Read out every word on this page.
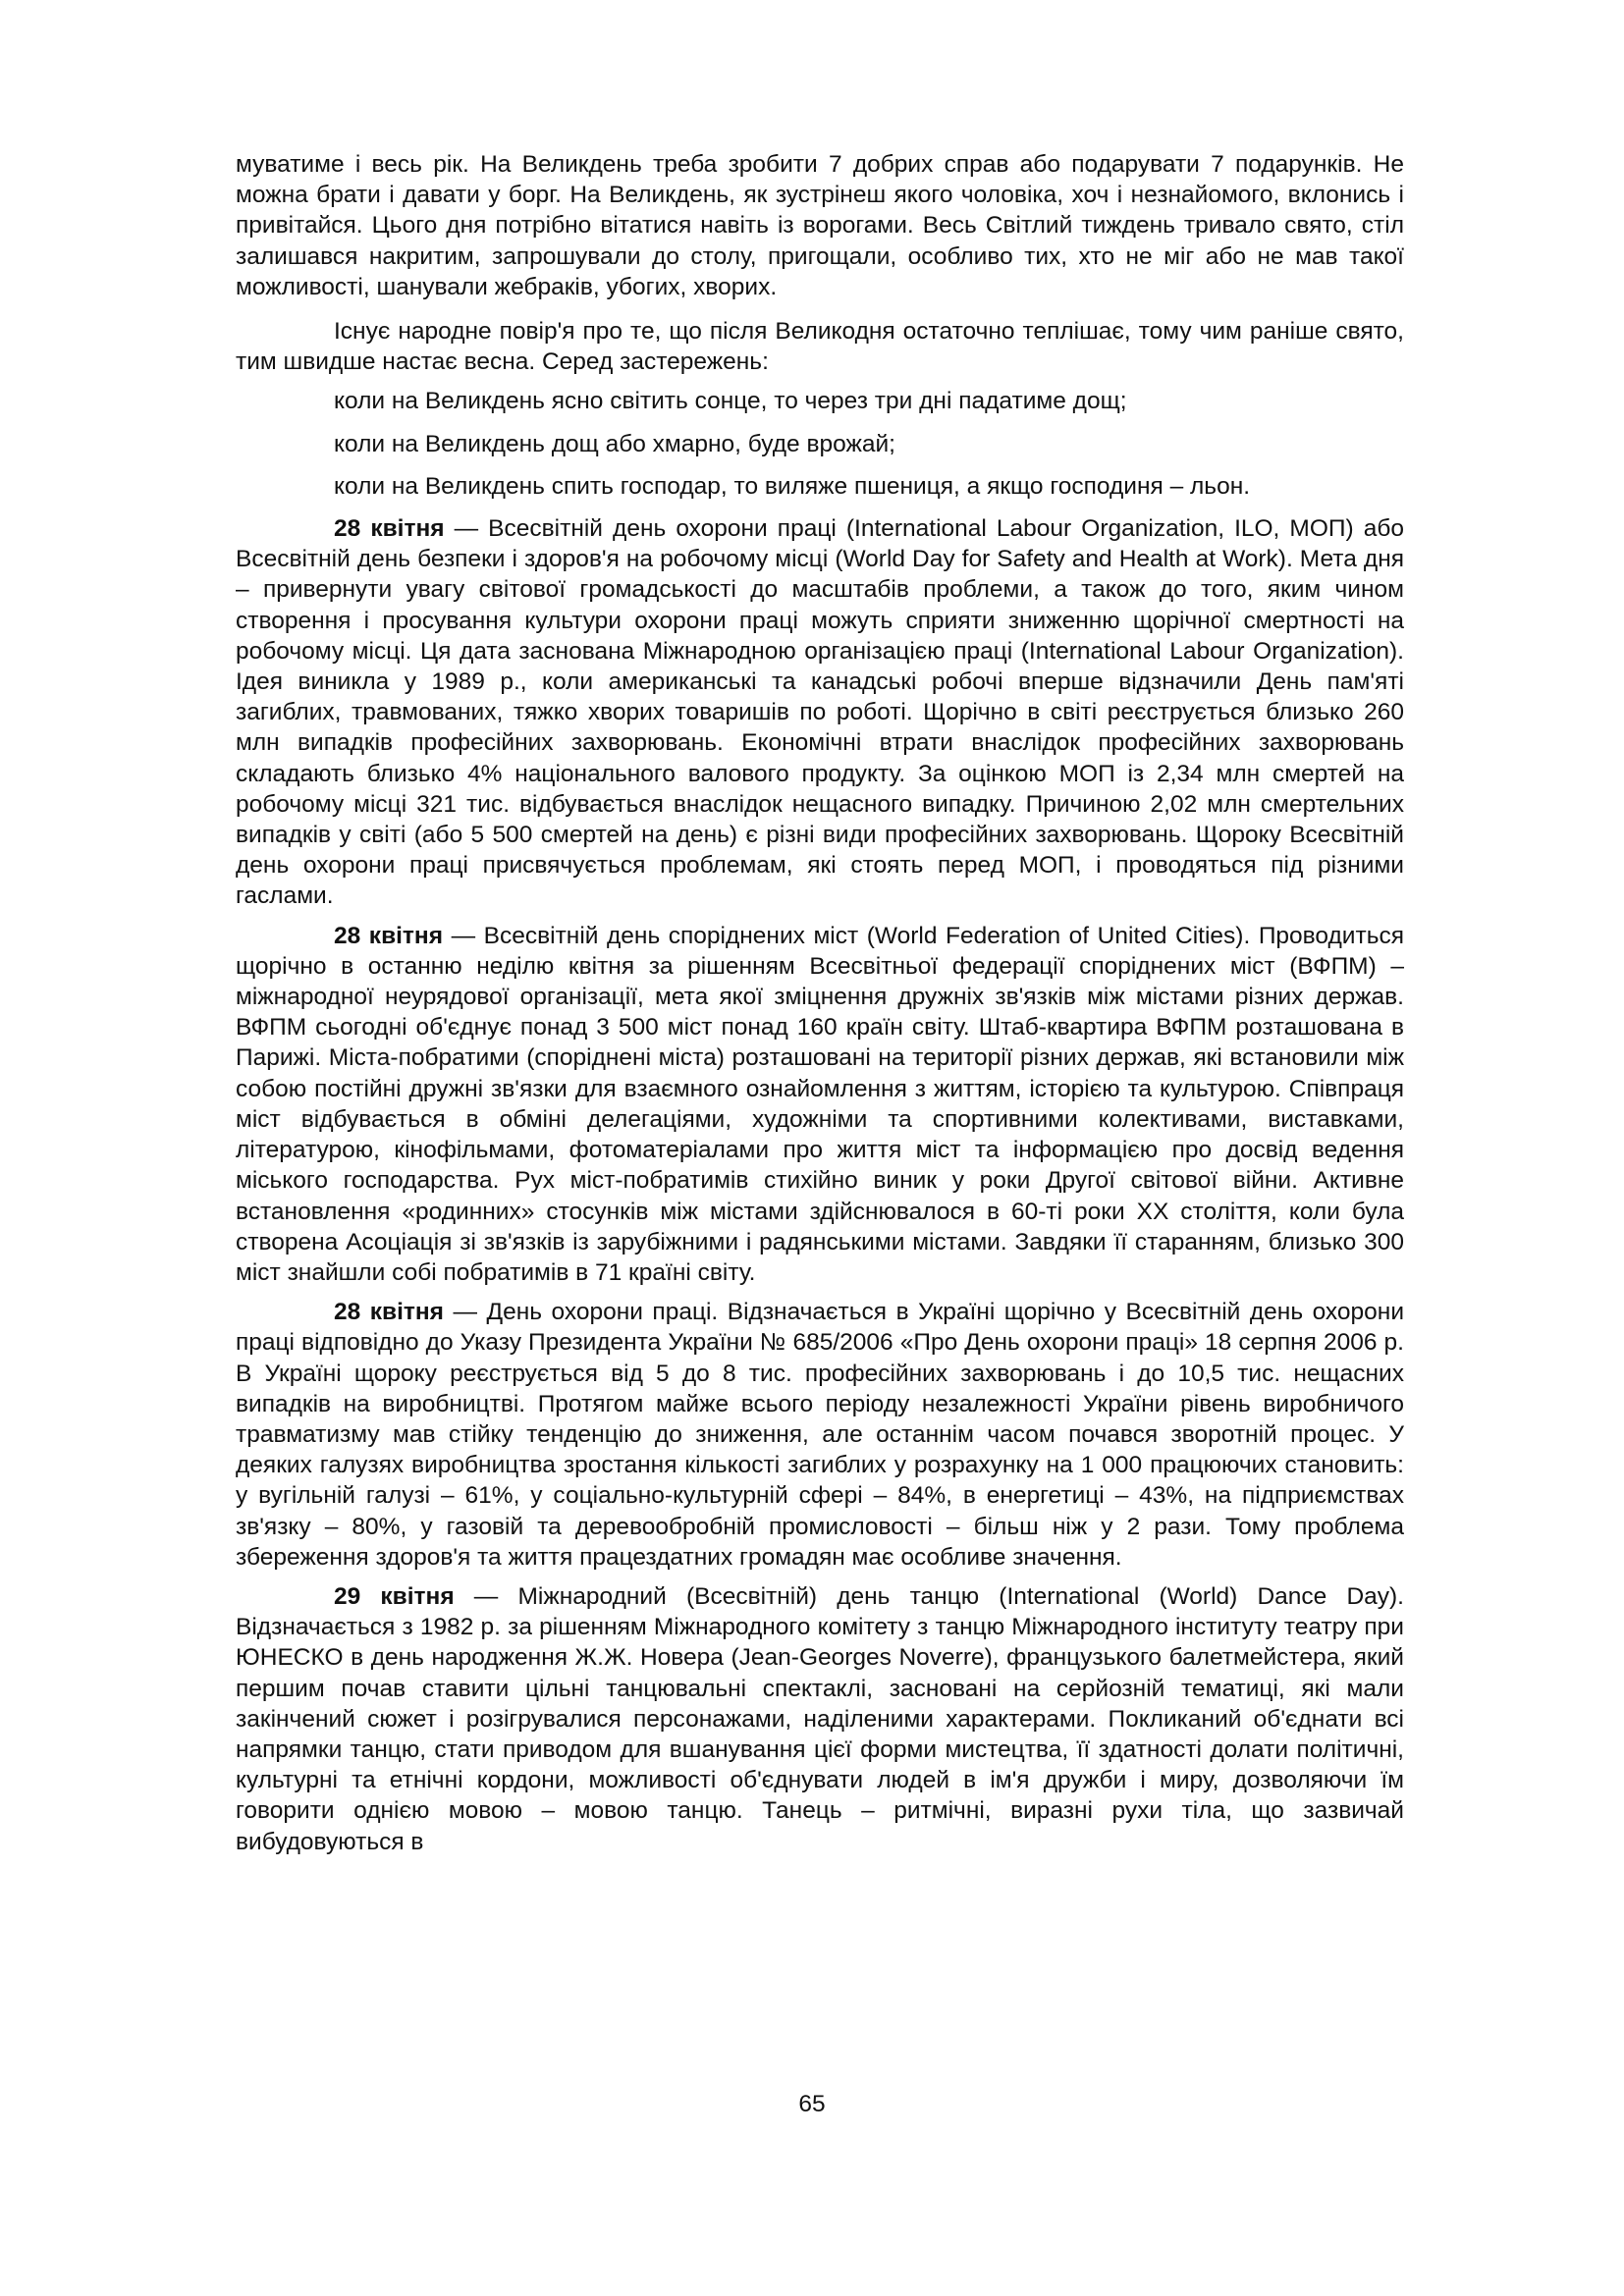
муватиме і весь рік. На Великдень треба зробити 7 добрих справ або подарувати 7 подарунків. Не можна брати і давати у борг. На Великдень, як зустрінеш якого чоловіка, хоч і незнайомого, вклонись і привітайся. Цього дня потрібно вітатися навіть із ворогами. Весь Світлий тиждень тривало свято, стіл залишався накритим, запрошували до столу, пригощали, особливо тих, хто не міг або не мав такої можливості, шанували жебраків, убогих, хворих.

Існує народне повір'я про те, що після Великодня остаточно теплішає, тому чим раніше свято, тим швидше настає весна. Серед застережень:

коли на Великдень ясно світить сонце, то через три дні падатиме дощ;

коли на Великдень дощ або хмарно, буде врожай;

коли на Великдень спить господар, то виляже пшениця, а якщо господиня – льон.

28 квітня — Всесвітній день охорони праці (International Labour Organization, ILO, МОП) або Всесвітній день безпеки і здоров'я на робочому місці (World Day for Safety and Health at Work). Мета дня – привернути увагу світової громадськості до масштабів проблеми, а також до того, яким чином створення і просування культури охорони праці можуть сприяти зниженню щорічної смертності на робочому місці. Ця дата заснована Міжнародною організацією праці (International Labour Organization). Ідея виникла у 1989 р., коли американські та канадські робочі вперше відзначили День пам'яті загиблих, травмованих, тяжко хворих товаришів по роботі. Щорічно в світі реєструється близько 260 млн випадків професійних захворювань. Економічні втрати внаслідок професійних захворювань складають близько 4% національного валового продукту. За оцінкою МОП із 2,34 млн смертей на робочому місці 321 тис. відбувається внаслідок нещасного випадку. Причиною 2,02 млн смертельних випадків у світі (або 5 500 смертей на день) є різні види професійних захворювань. Щороку Всесвітній день охорони праці присвячується проблемам, які стоять перед МОП, і проводяться під різними гаслами.

28 квітня — Всесвітній день споріднених міст (World Federation of United Cities). Проводиться щорічно в останню неділю квітня за рішенням Всесвітньої федерації споріднених міст (ВФПМ) – міжнародної неурядової організації, мета якої зміцнення дружніх зв'язків між містами різних держав. ВФПМ сьогодні об'єднує понад 3 500 міст понад 160 країн світу. Штаб-квартира ВФПМ розташована в Парижі. Міста-побратими (споріднені міста) розташовані на території різних держав, які встановили між собою постійні дружні зв'язки для взаємного ознайомлення з життям, історією та культурою. Співпраця міст відбувається в обміні делегаціями, художніми та спортивними колективами, виставками, літературою, кінофільмами, фотоматеріалами про життя міст та інформацією про досвід ведення міського господарства. Рух міст-побратимів стихійно виник у роки Другої світової війни. Активне встановлення «родинних» стосунків між містами здійснювалося в 60-ті роки XX століття, коли була створена Асоціація зі зв'язків із зарубіжними і радянськими містами. Завдяки її старанням, близько 300 міст знайшли собі побратимів в 71 країні світу.

28 квітня — День охорони праці. Відзначається в Україні щорічно у Всесвітній день охорони праці відповідно до Указу Президента України № 685/2006 «Про День охорони праці» 18 серпня 2006 р. В Україні щороку реєструється від 5 до 8 тис. професійних захворювань і до 10,5 тис. нещасних випадків на виробництві. Протягом майже всього періоду незалежності України рівень виробничого травматизму мав стійку тенденцію до зниження, але останнім часом почався зворотній процес. У деяких галузях виробництва зростання кількості загиблих у розрахунку на 1 000 працюючих становить: у вугільній галузі – 61%, у соціально-культурній сфері – 84%, в енергетиці – 43%, на підприємствах зв'язку – 80%, у газовій та деревообробній промисловості – більш ніж у 2 рази. Тому проблема збереження здоров'я та життя працездатних громадян має особливе значення.

29 квітня — Міжнародний (Всесвітній) день танцю (International (World) Dance Day). Відзначається з 1982 р. за рішенням Міжнародного комітету з танцю Міжнародного інституту театру при ЮНЕСКО в день народження Ж.Ж. Новера (Jean-Georges Noverre), французького балетмейстера, який першим почав ставити цільні танцювальні спектаклі, засновані на серйозній тематиці, які мали закінчений сюжет і розігрувалися персонажами, наділеними характерами. Покликаний об'єднати всі напрямки танцю, стати приводом для вшанування цієї форми мистецтва, її здатності долати політичні, культурні та етнічні кордони, можливості об'єднувати людей в ім'я дружби і миру, дозволяючи їм говорити однією мовою – мовою танцю. Танець – ритмічні, виразні рухи тіла, що зазвичай вибудовуються в

65
